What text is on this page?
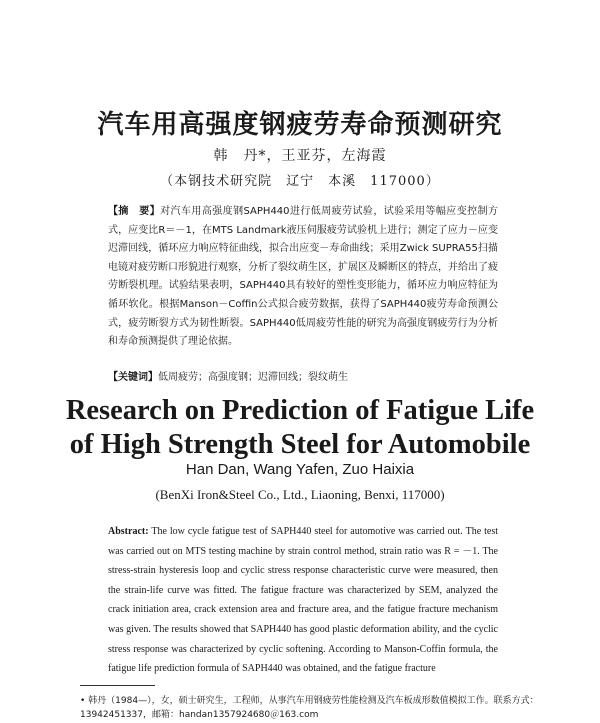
汽车用高强度钢疲劳寿命预测研究
韩　丹*，王亚芬，左海霞
（本钢技术研究院　辽宁　本溪　117000）

【摘　要】对汽车用高强度钢SAPH440进行低周疲劳试验，试验采用等幅应变控制方式，应变比R＝－1，在MTS Landmark液压伺服疲劳试验机上进行；测定了应力－应变迟滞回线，循环应力响应特征曲线，拟合出应变－寿命曲线；采用Zwick SUPRA55扫描电镜对疲劳断口形貌进行观察，分析了裂纹萌生区，扩展区及瞬断区的特点，并给出了疲劳断裂机理。试验结果表明，SAPH440具有较好的塑性变形能力，循环应力响应特征为循环软化。根据Manson－Coffin公式拟合疲劳数据，获得了SAPH440疲劳寿命预测公式，疲劳断裂方式为韧性断裂。SAPH440低周疲劳性能的研究为高强度钢疲劳行为分析和寿命预测提供了理论依据。

【关键词】低周疲劳；高强度钢；迟滞回线；裂纹萌生

Research on Prediction of Fatigue Life
of High Strength Steel for Automobile
Han Dan, Wang Yafen, Zuo Haixia
(BenXi Iron&Steel Co., Ltd., Liaoning, Benxi, 117000)

Abstract: The low cycle fatigue test of SAPH440 steel for automotive was carried out. The test was carried out on MTS testing machine by strain control method, strain ratio was R = －1. The stress-strain hysteresis loop and cyclic stress response characteristic curve were measured, then the strain-life curve was fitted. The fatigue fracture was characterized by SEM, analyzed the crack initiation area, crack extension area and fracture area, and the fatigue fracture mechanism was given. The results showed that SAPH440 has good plastic deformation ability, and the cyclic stress response was characterized by cyclic softening. According to Manson-Coffin formula, the fatigue life prediction formula of SAPH440 was obtained, and the fatigue fracture

• 韩丹（1984—），女，硕士研究生，工程师，从事汽车用钢疲劳性能检测及汽车板成形数值模拟工作。联系方式：13942451337，邮箱：handan1357924680＠163.com
